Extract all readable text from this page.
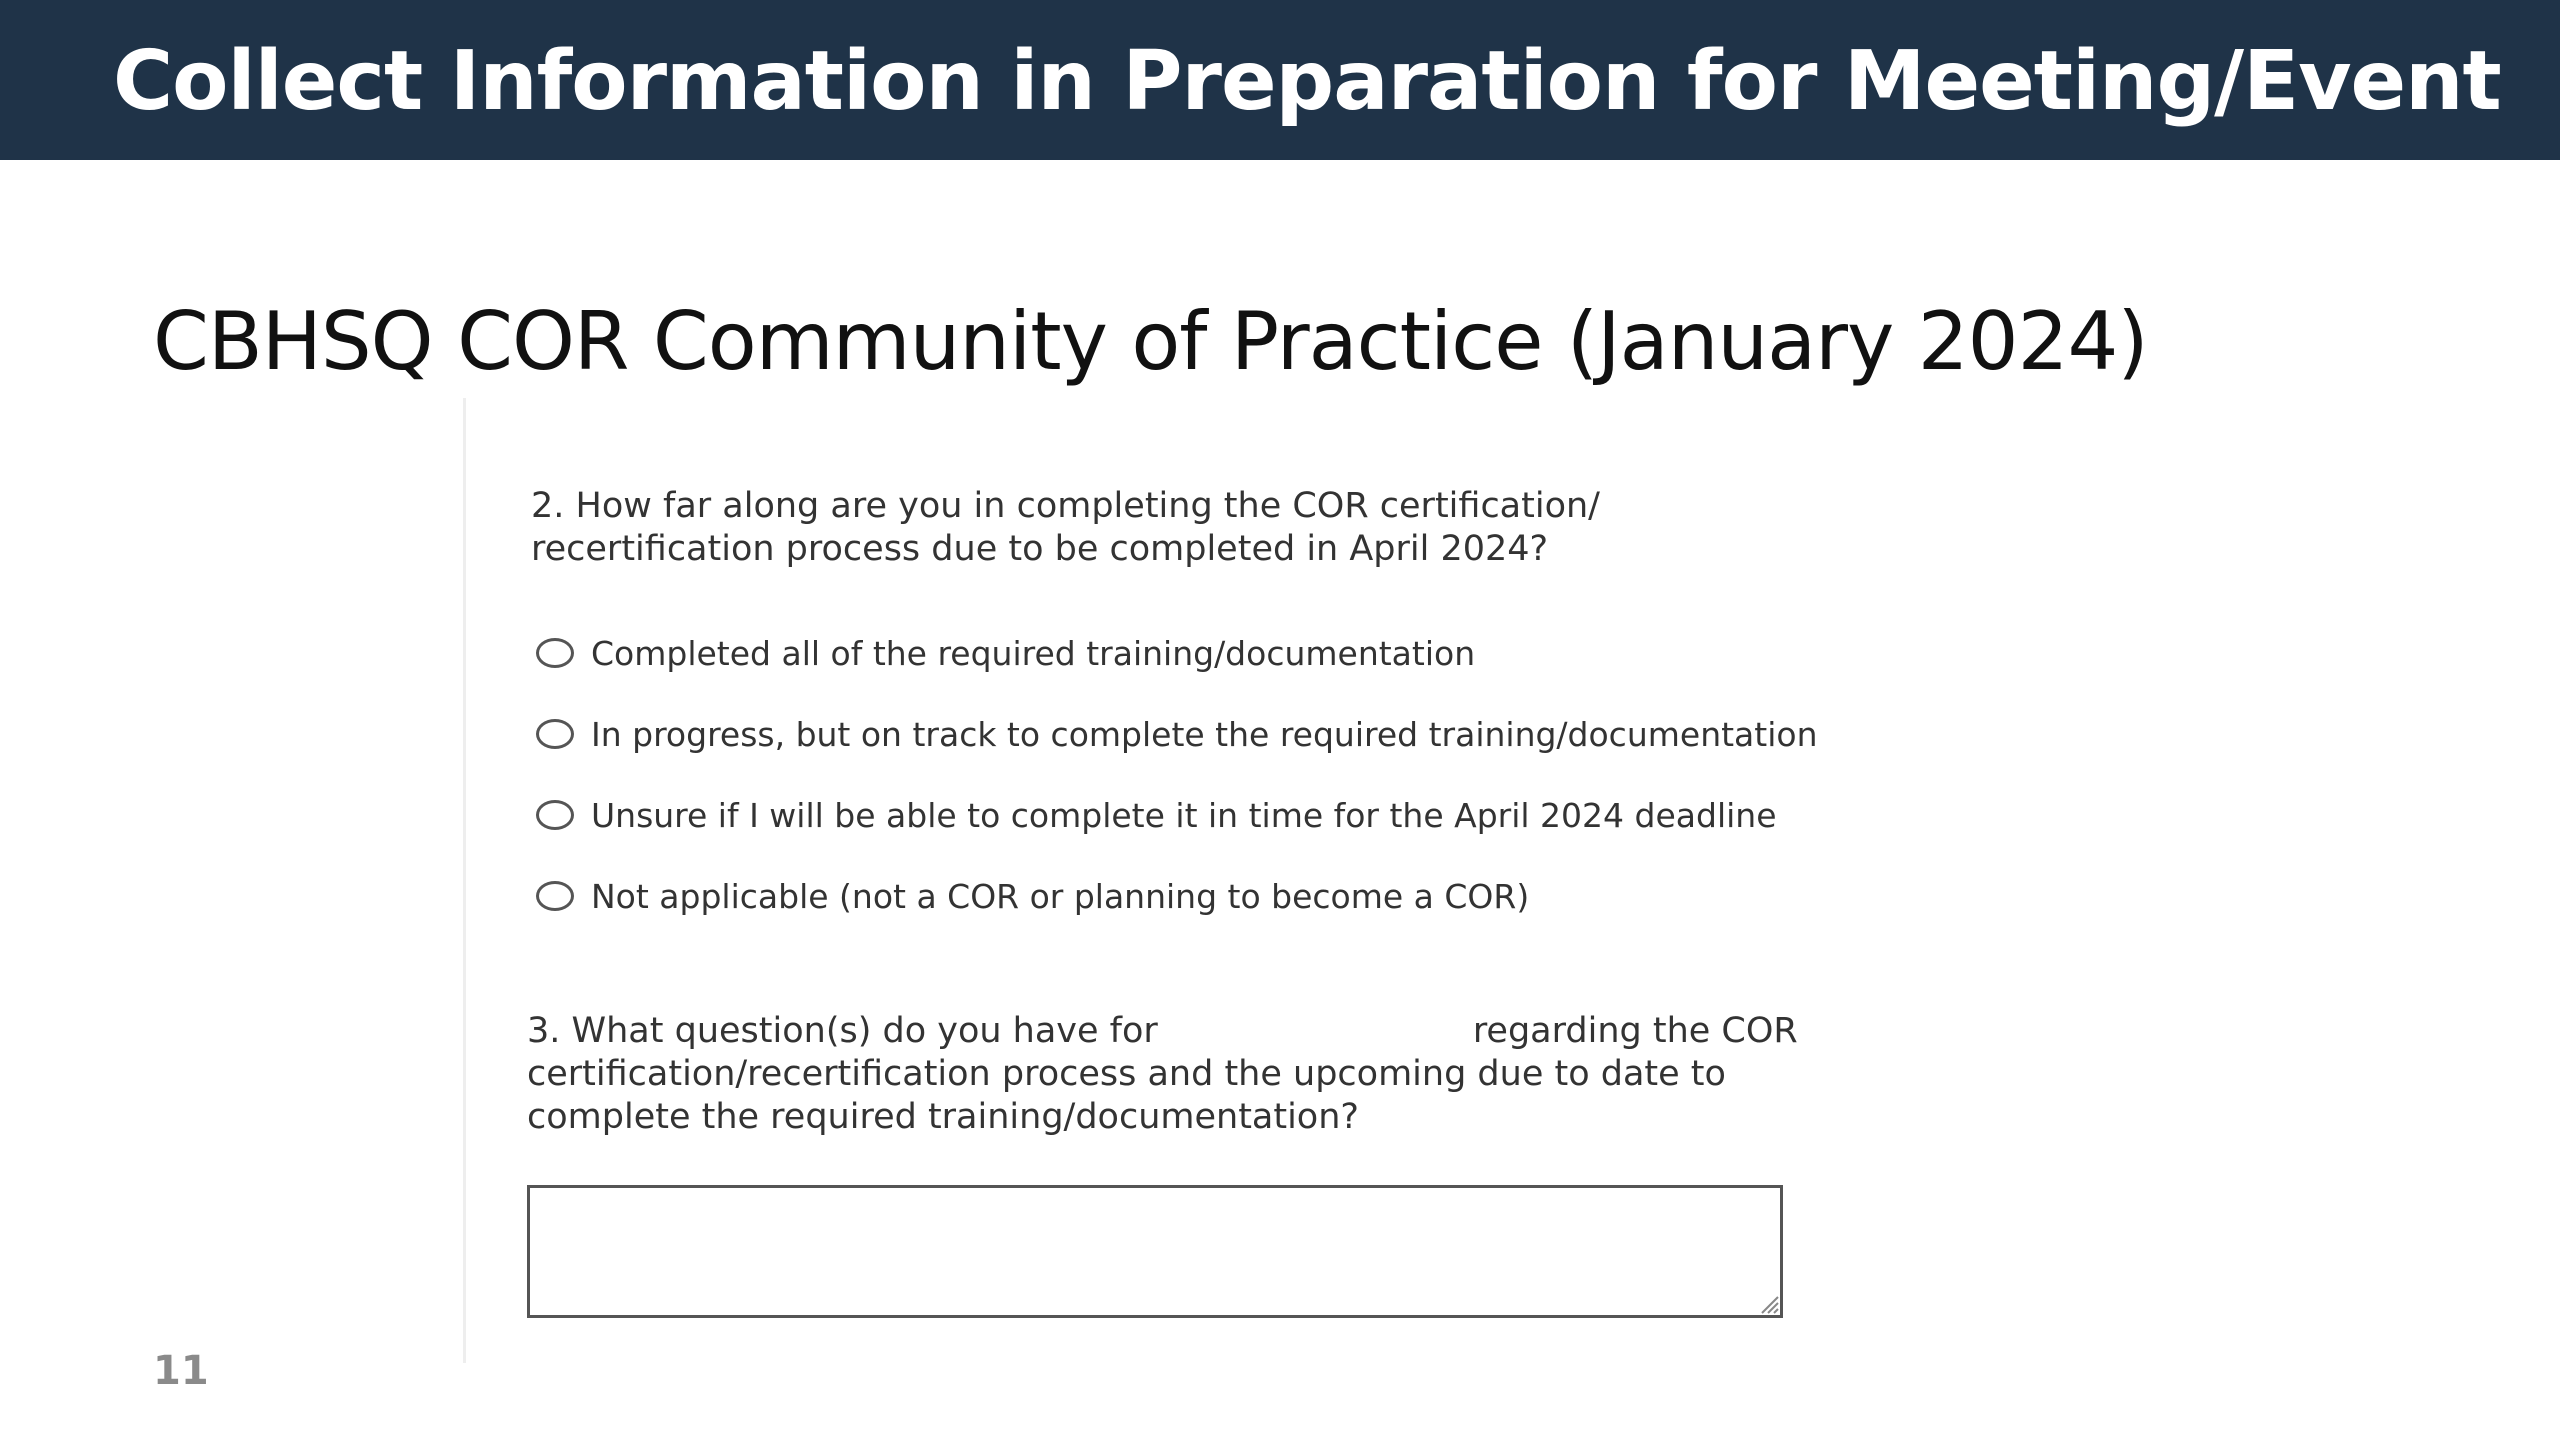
Collect Information in Preparation for Meeting/Event
CBHSQ COR Community of Practice (January 2024)
2. How far along are you in completing the COR certification/
recertification process due to be completed in April 2024?
Completed all of the required training/documentation
In progress, but on track to complete the required training/documentation
Unsure if I will be able to complete it in time for the April 2024 deadline
Not applicable (not a COR or planning to become a COR)
3. What question(s) do you have for	regarding the COR
certification/recertification process and the upcoming due to date to
complete the required training/documentation?
11
